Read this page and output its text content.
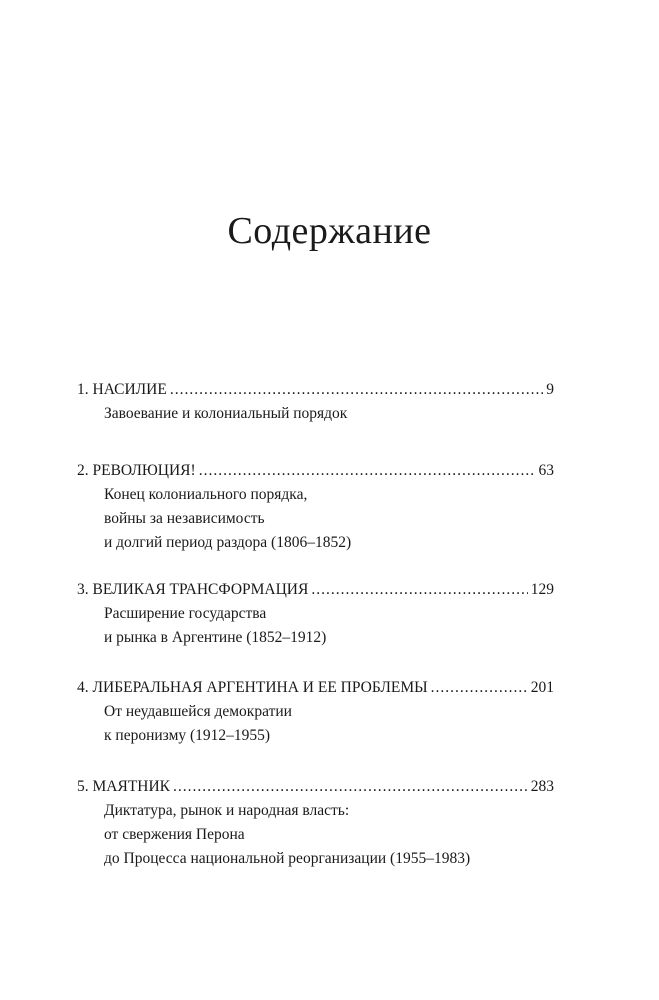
Содержание
1. НАСИЛИЕ .....	9
Завоевание и колониальный порядок
2. РЕВОЛЮЦИЯ! .....	63
Конец колониального порядка,
войны за независимость
и долгий период раздора (1806–1852)
3. ВЕЛИКАЯ ТРАНСФОРМАЦИЯ .....	129
Расширение государства
и рынка в Аргентине (1852–1912)
4. ЛИБЕРАЛЬНАЯ АРГЕНТИНА И ЕЕ ПРОБЛЕМЫ .....	201
От неудавшейся демократии
к перонизму (1912–1955)
5. МАЯТНИК .....	283
Диктатура, рынок и народная власть:
от свержения Перона
до Процесса национальной реорганизации (1955–1983)
